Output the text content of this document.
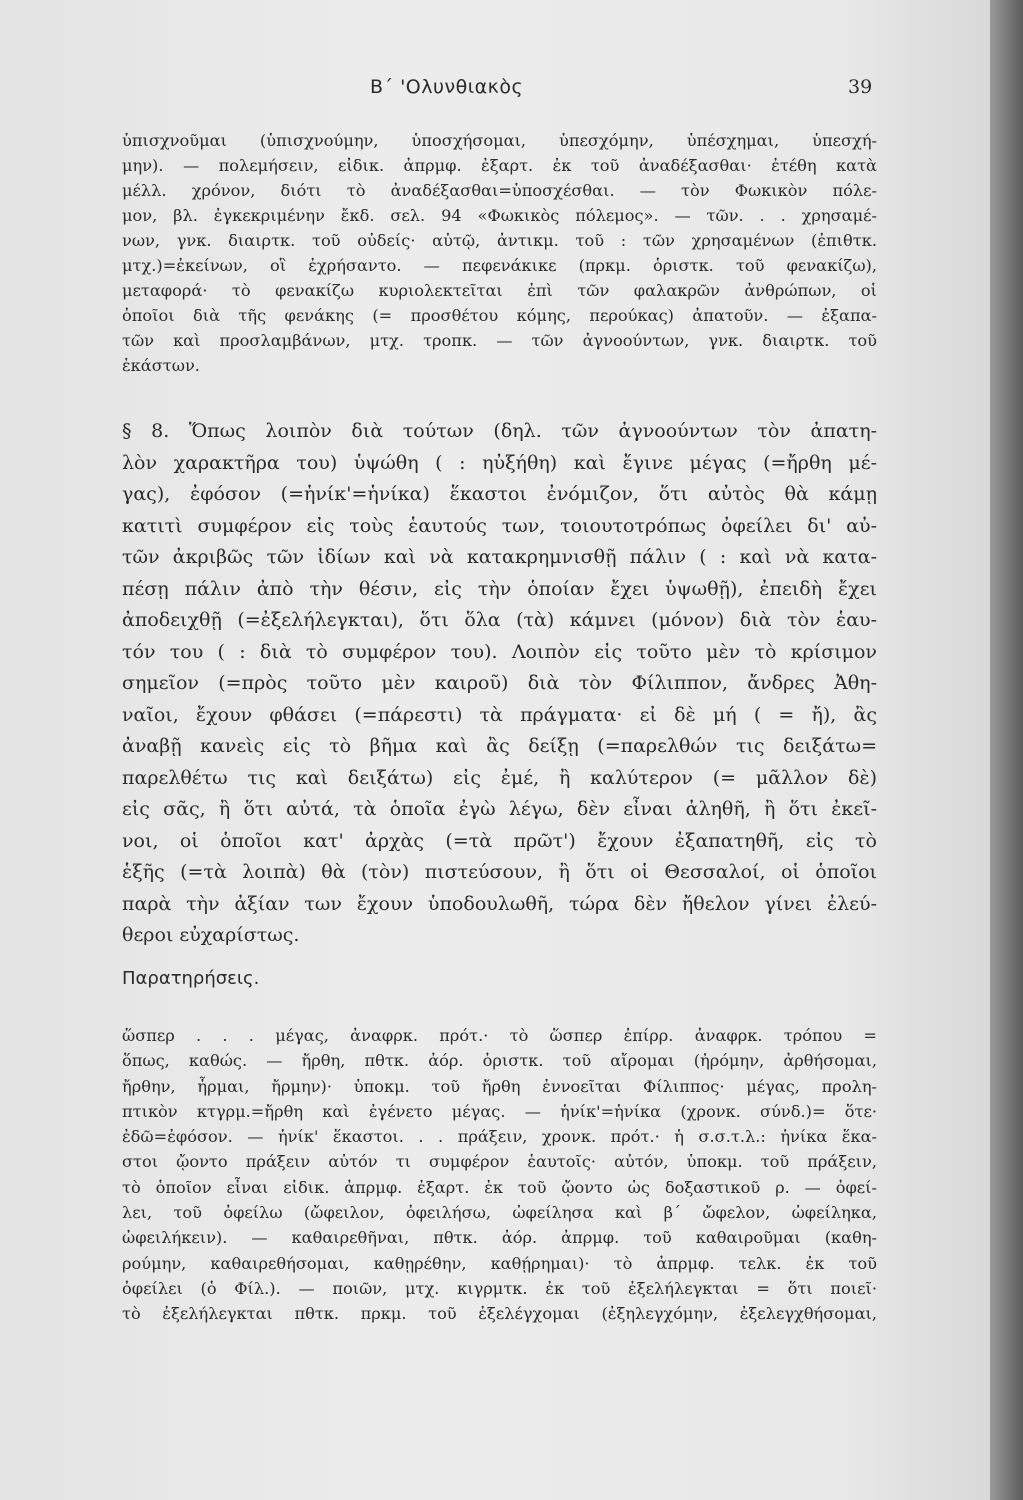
Β΄ 'Ολυνθιακὸς	39
ὑπισχνοῦμαι (ὑπισχνούμην, ὑποσχήσομαι, ὑπεσχόμην, ὑπέσχημαι, ὑπεσχή-
μην). — πολεμήσειν, εἰδικ. ἀπρμφ. ἐξαρτ. ἐκ τοῦ ἀναδέξασθαι· ἐτέθη κατὰ
μέλλ. χρόνον, διότι τὸ ἀναδέξασθαι=ὑποσχέσθαι. — τὸν Φωκικὸν πόλε-
μον, βλ. ἐγκεκριμένην ἔκδ. σελ. 94 «Φωκικὸς πόλεμος». — τῶν. . . χρησαμέ-
νων, γνκ. διαιρτκ. τοῦ οὐδείς· αὐτῷ, ἀντικμ. τοῦ : τῶν χρησαμένων (ἐπιθτκ.
μτχ.)=ἐκείνων, οἳ ἐχρήσαντο. — πεφενάκικε (πρκμ. ὁριστκ. τοῦ φενακίζω),
μεταφορά· τὸ φενακίζω κυριολεκτεῖται ἐπὶ τῶν φαλακρῶν ἀνθρώπων, οἱ
ὁποῖοι διὰ τῆς φενάκης (= προσθέτου κόμης, περούκας) ἀπατοῦν. — ἐξαπα-
τῶν καὶ προσλαμβάνων, μτχ. τροπκ. — τῶν ἀγνοούντων, γνκ. διαιρτκ. τοῦ
ἑκάστων.
§ 8. Ὅπως λοιπὸν διὰ τούτων (δηλ. τῶν ἀγνοούντων τὸν ἀπατη-
λὸν χαρακτῆρα του) ὑψώθη ( : ηὐξήθη) καὶ ἔγινε μέγας (=ἤρθη μέ-
γας), ἐφόσον (=ἡνίκ'=ἡνίκα) ἕκαστοι ἐνόμιζον, ὅτι αὐτὸς θὰ κάμῃ
κατιτὶ συμφέρον εἰς τοὺς ἑαυτούς των, τοιουτοτρόπως ὀφείλει δι' αὐ-
τῶν ἀκριβῶς τῶν ἰδίων καὶ νὰ κατακρημνισθῇ πάλιν ( : καὶ νὰ κατα-
πέσῃ πάλιν ἀπὸ τὴν θέσιν, εἰς τὴν ὁποίαν ἔχει ὑψωθῇ), ἐπειδὴ ἔχει
ἀποδειχθῇ (=ἐξελήλεγκται), ὅτι ὅλα (τὰ) κάμνει (μόνον) διὰ τὸν ἑαυ-
τόν του ( : διὰ τὸ συμφέρον του). Λοιπὸν εἰς τοῦτο μὲν τὸ κρίσιμον
σημεῖον (=πρὸς τοῦτο μὲν καιροῦ) διὰ τὸν Φίλιππον, ἄνδρες Ἀθη-
ναῖοι, ἔχουν φθάσει (=πάρεστι) τὰ πράγματα· εἰ δὲ μή ( = ἤ), ἂς
ἀναβῇ κανεὶς εἰς τὸ βῆμα καὶ ἂς δείξῃ (=παρελθών τις δειξάτω=
παρελθέτω τις καὶ δειξάτω) εἰς ἐμέ, ἢ καλύτερον (= μᾶλλον δὲ)
εἰς σᾶς, ἢ ὅτι αὐτά, τὰ ὁποῖα ἐγὼ λέγω, δὲν εἶναι ἀληθῆ, ἢ ὅτι ἐκεῖ-
νοι, οἱ ὁποῖοι κατ' ἀρχὰς (=τὰ πρῶτ') ἔχουν ἐξαπατηθῆ, εἰς τὸ
ἑξῆς (=τὰ λοιπὰ) θὰ (τὸν) πιστεύσουν, ἢ ὅτι οἱ Θεσσαλοί, οἱ ὁποῖοι
παρὰ τὴν ἀξίαν των ἔχουν ὑποδουλωθῆ, τώρα δὲν ἤθελον γίνει ἐλεύ-
θεροι εὐχαρίστως.
Παρατηρήσεις.
ὥσπερ . . . μέγας, ἀναφρκ. πρότ.· τὸ ὥσπερ ἐπίρρ. ἀναφρκ. τρόπου =
ὅπως, καθώς. — ἤρθη, πθτκ. ἀόρ. ὁριστκ. τοῦ αἴρομαι (ἠρόμην, ἀρθήσομαι,
ἤρθην, ἦρμαι, ἤρμην)· ὑποκμ. τοῦ ἤρθη ἐννοεῖται Φίλιππος· μέγας, προλη-
πτικὸν κτγρμ.=ἤρθη καὶ ἐγένετο μέγας. — ἡνίκ'=ἡνίκα (χρονκ. σύνδ.)= ὅτε·
ἐδῶ=ἐφόσον. — ἡνίκ' ἕκαστοι. . . πράξειν, χρονκ. πρότ.· ἡ σ.σ.τ.λ.: ἡνίκα ἕκα-
στοι ᾤοντο πράξειν αὐτόν τι συμφέρον ἑαυτοῖς· αὐτόν, ὑποκμ. τοῦ πράξειν,
τὸ ὁποῖον εἶναι εἰδικ. ἀπρμφ. ἐξαρτ. ἐκ τοῦ ᾤοντο ὡς δοξαστικοῦ ρ. — ὀφεί-
λει, τοῦ ὀφείλω (ὤφειλον, ὀφειλήσω, ὠφείλησα καὶ β΄ ὤφελον, ὠφείληκα,
ὠφειλήκειν). — καθαιρεθῆναι, πθτκ. ἀόρ. ἀπρμφ. τοῦ καθαιροῦμαι (καθη-
ρούμην, καθαιρεθήσομαι, καθῃρέθην, καθῄρημαι)· τὸ ἀπρμφ. τελκ. ἐκ τοῦ
ὀφείλει (ὁ Φίλ.). — ποιῶν, μτχ. κιγρμτκ. ἐκ τοῦ ἐξελήλεγκται = ὅτι ποιεῖ·
τὸ ἐξελήλεγκται πθτκ. πρκμ. τοῦ ἐξελέγχομαι (ἐξηλεγχόμην, ἐξελεγχθήσομαι,
